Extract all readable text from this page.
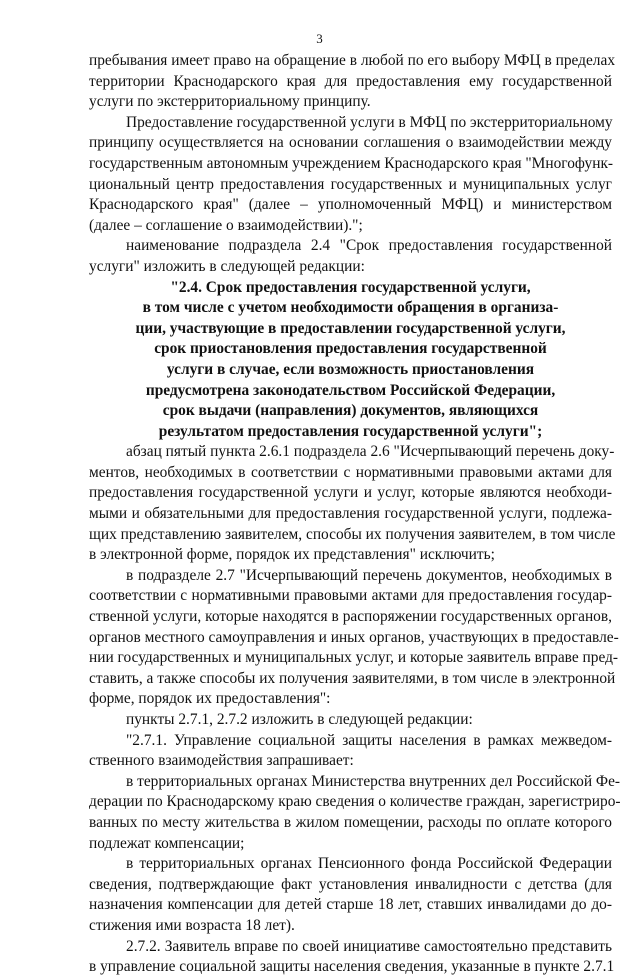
3
пребывания имеет право на обращение в любой по его выбору МФЦ в пределах
территории Краснодарского края для предоставления ему государственной
услуги по экстерриториальному принципу.
Предоставление государственной услуги в МФЦ по экстерриториальному
принципу осуществляется на основании соглашения о взаимодействии между
государственным автономным учреждением Краснодарского края "Многофунк-
циональный центр предоставления государственных и муниципальных услуг
Краснодарского края" (далее – уполномоченный МФЦ) и министерством
(далее – соглашение о взаимодействии).";
наименование подраздела 2.4 "Срок предоставления государственной
услуги" изложить в следующей редакции:
"2.4. Срок предоставления государственной услуги,
в том числе с учетом необходимости обращения в организа-
ции, участвующие в предоставлении государственной услуги,
срок приостановления предоставления государственной
услуги в случае, если возможность приостановления
предусмотрена законодательством Российской Федерации,
срок выдачи (направления) документов, являющихся
результатом предоставления государственной услуги";
абзац пятый пункта 2.6.1 подраздела 2.6 "Исчерпывающий перечень доку-
ментов, необходимых в соответствии с нормативными правовыми актами для
предоставления государственной услуги и услуг, которые являются необходи-
мыми и обязательными для предоставления государственной услуги, подлежа-
щих представлению заявителем, способы их получения заявителем, в том числе
в электронной форме, порядок их представления" исключить;
в подразделе 2.7 "Исчерпывающий перечень документов, необходимых в
соответствии с нормативными правовыми актами для предоставления государ-
ственной услуги, которые находятся в распоряжении государственных органов,
органов местного самоуправления и иных органов, участвующих в предоставле-
нии государственных и муниципальных услуг, и которые заявитель вправе пред-
ставить, а также способы их получения заявителями, в том числе в электронной
форме, порядок их предоставления":
пункты 2.7.1, 2.7.2 изложить в следующей редакции:
"2.7.1. Управление социальной защиты населения в рамках межведом-
ственного взаимодействия запрашивает:
в территориальных органах Министерства внутренних дел Российской Фе-
дерации по Краснодарскому краю сведения о количестве граждан, зарегистриро-
ванных по месту жительства в жилом помещении, расходы по оплате которого
подлежат компенсации;
в территориальных органах Пенсионного фонда Российской Федерации
сведения, подтверждающие факт установления инвалидности с детства (для
назначения компенсации для детей старше 18 лет, ставших инвалидами до до-
стижения ими возраста 18 лет).
2.7.2. Заявитель вправе по своей инициативе самостоятельно представить
в управление социальной защиты населения сведения, указанные в пункте 2.7.1
